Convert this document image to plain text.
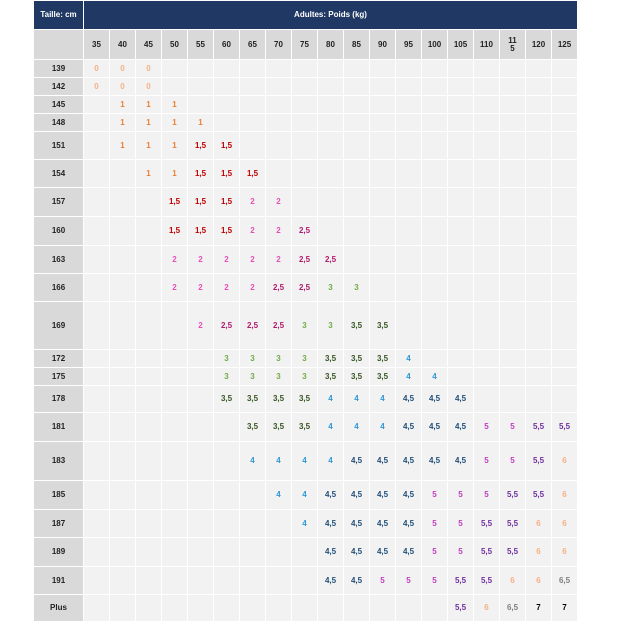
Taille: cm	Adultes: Poids (kg)																		
	35	40	45	50	55	60	65	70	75	80	85	90	95	100	105	110	11 5	120	125
139	0	0	0																
142	0	0	0																
145		1	1	1															
148		1	1	1	1														
151		1	1	1	1,5	1,5													
154			1	1	1,5	1,5	1,5												
157				1,5	1,5	1,5	2	2											
160				1,5	1,5	1,5	2	2	2,5										
163				2	2	2	2	2	2,5	2,5									
166				2	2	2	2	2,5	2,5	3	3								
169					2	2,5	2,5	2,5	3	3	3,5	3,5							
172						3	3	3	3	3,5	3,5	3,5	4						
175						3	3	3	3	3,5	3,5	3,5	4	4					
178						3,5	3,5	3,5	3,5	4	4	4	4,5	4,5	4,5				
181							3,5	3,5	3,5	4	4	4	4,5	4,5	4,5	5	5	5,5	5,5
183							4	4	4	4	4,5	4,5	4,5	4,5	4,5	5	5	5,5	6
185								4	4	4,5	4,5	4,5	4,5	5	5	5	5,5	5,5	6
187									4	4,5	4,5	4,5	4,5	5	5	5,5	5,5	6	6
189										4,5	4,5	4,5	4,5	5	5	5,5	5,5	6	6
191										4,5	4,5	5	5	5	5,5	5,5	6	6	6,5
Plus															5,5	6	6,5	7	7
